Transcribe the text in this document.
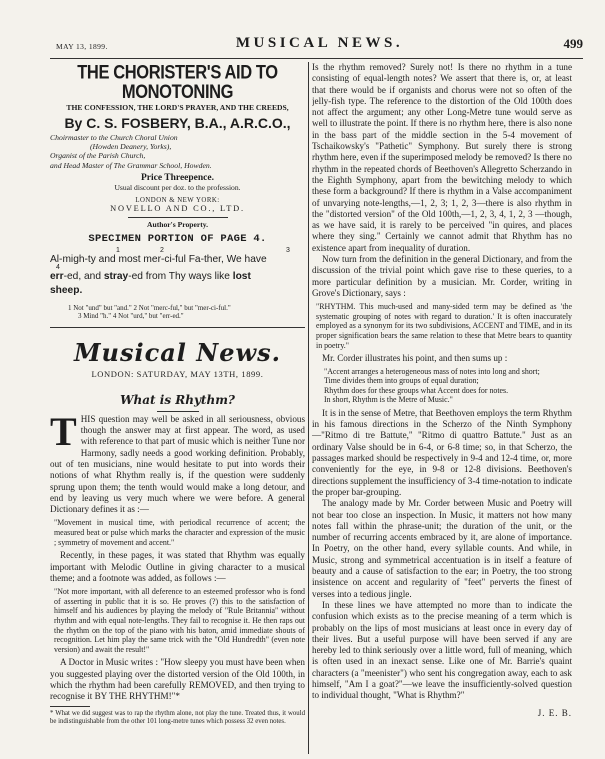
MAY 13, 1899.	MUSICAL NEWS.	499
THE CHORISTER'S AID TO MONOTONING
THE CONFESSION, THE LORD'S PRAYER, AND THE CREEDS,
By C. S. FOSBERY, B.A., A.R.C.O.,
Choirmaster to the Church Choral Union
(Howden Deanery, Yorks),
Organist of the Parish Church,
and Head Master of The Grammar School, Howden.
Price Threepence.
Usual discount per doz. to the profession.
LONDON & NEW YORK:
NOVELLO AND CO., LTD.
Author's Property.
SPECIMEN PORTION OF PAGE 4.
1	2	3
Al-migh-ty and most mer-ci-ful Fa-ther, We have
4
err-ed, and stray-ed from Thy ways like lost
sheep.
1 Not "und" but "and." 2 Not "merc-ful," but "mer-ci-ful."
3 Mind "h." 4 Not "urd," but "err-ed."
Musical News.
LONDON: SATURDAY, MAY 13TH, 1899.
What is Rhythm?

THIS question may well be asked in all seriousness, obvious though the answer may at first appear. The word, as used with reference to that part of music which is neither Tune nor Harmony, sadly needs a good working definition. Probably, out of ten musicians, nine would hesitate to put into words their notions of what Rhythm really is, if the question were suddenly sprung upon them; the tenth would would make a long detour, and end by leaving us very much where we were before. A general Dictionary defines it as :—

"Movement in musical time, with periodical recurrence of accent; the measured beat or pulse which marks the character and expression of the music ; symmetry of movement and accent."

Recently, in these pages, it was stated that Rhythm was equally important with Melodic Outline in giving character to a musical theme; and a footnote was added, as follows :—

"Not more important, with all deference to an esteemed professor who is fond of asserting in public that it is so. He proves (?) this to the satisfaction of himself and his audiences by playing the melody of "Rule Britannia" without rhythm and with equal note-lengths. They fail to recognise it. He then raps out the rhythm on the top of the piano with his baton, amid immediate shouts of recognition. Let him play the same trick with the "Old Hundredth" (even note version) and await the result!"

A Doctor in Music writes : "How sleepy you must have been when you suggested playing over the distorted version of the Old 100th, in which the rhythm had been carefully REMOVED, and then trying to recognise it BY THE RHYTHM!"*

* What we did suggest was to rap the rhythm alone, not play the tune. Treated thus, it would be indistinguishable from the other 101 long-metre tunes which possess 32 even notes.

Is the rhythm removed? Surely not! Is there no rhythm in a tune consisting of equal-length notes? We assert that there is, or, at least that there would be if organists and chorus were not so often of the jelly-fish type. The reference to the distortion of the Old 100th does not affect the argument; any other Long-Metre tune would serve as well to illustrate the point. If there is no rhythm here, there is also none in the bass part of the middle section in the 5-4 movement of Tschaikowsky's "Pathetic" Symphony. But surely there is strong rhythm here, even if the superimposed melody be removed? Is there no rhythm in the repeated chords of Beethoven's Allegretto Scherzando in the Eighth Symphony, apart from the bewitching melody to which these form a background? If there is rhythm in a Valse accompaniment of unvarying note-lengths,—1, 2, 3; 1, 2, 3—there is also rhythm in the "distorted version" of the Old 100th,—1, 2, 3, 4, 1, 2, 3 —though, as we have said, it is rarely to be perceived "in quires, and places where they sing." Certainly we cannot admit that Rhythm has no existence apart from inequality of duration.

Now turn from the definition in the general Dictionary, and from the discussion of the trivial point which gave rise to these queries, to a more particular definition by a musician. Mr. Corder, writing in Grove's Dictionary, says :

"RHYTHM. This much-used and many-sided term may be defined as 'the systematic grouping of notes with regard to duration.' It is often inaccurately employed as a synonym for its two subdivisions, ACCENT and TIME, and in its proper signification bears the same relation to these that Metre bears to quantity in poetry."

Mr. Corder illustrates his point, and then sums up :

"Accent arranges a heterogeneous mass of notes into long and short;

Time divides them into groups of equal duration;

Rhythm does for these groups what Accent does for notes.

In short, Rhythm is the Metre of Music."

It is in the sense of Metre, that Beethoven employs the term Rhythm in his famous directions in the Scherzo of the Ninth Symphony—"Ritmo di tre Battute," "Ritmo di quattro Battute." Just as an ordinary Valse should be in 6-4, or 6-8 time; so, in that Scherzo, the passages marked should be respectively in 9-4 and 12-4 time, or, more conveniently for the eye, in 9-8 or 12-8 divisions. Beethoven's directions supplement the insufficiency of 3-4 time-notation to indicate the proper bar-grouping.

The analogy made by Mr. Corder between Music and Poetry will not bear too close an inspection. In Music, it matters not how many notes fall within the phrase-unit; the duration of the unit, or the number of recurring accents embraced by it, are alone of importance. In Poetry, on the other hand, every syllable counts. And while, in Music, strong and symmetrical accentuation is in itself a feature of beauty and a cause of satisfaction to the ear; in Poetry, the too strong insistence on accent and regularity of "feet" perverts the finest of verses into a tedious jingle.

In these lines we have attempted no more than to indicate the confusion which exists as to the precise meaning of a term which is probably on the lips of most musicians at least once in every day of their lives. But a useful purpose will have been served if any are hereby led to think seriously over a little word, full of meaning, which is often used in an inexact sense. Like one of Mr. Barrie's quaint characters (a "meenister") who sent his congregation away, each to ask himself, "Am I a goat?"—we leave the insufficiently-solved question to individual thought, "What is Rhythm?"

J. E. B.
